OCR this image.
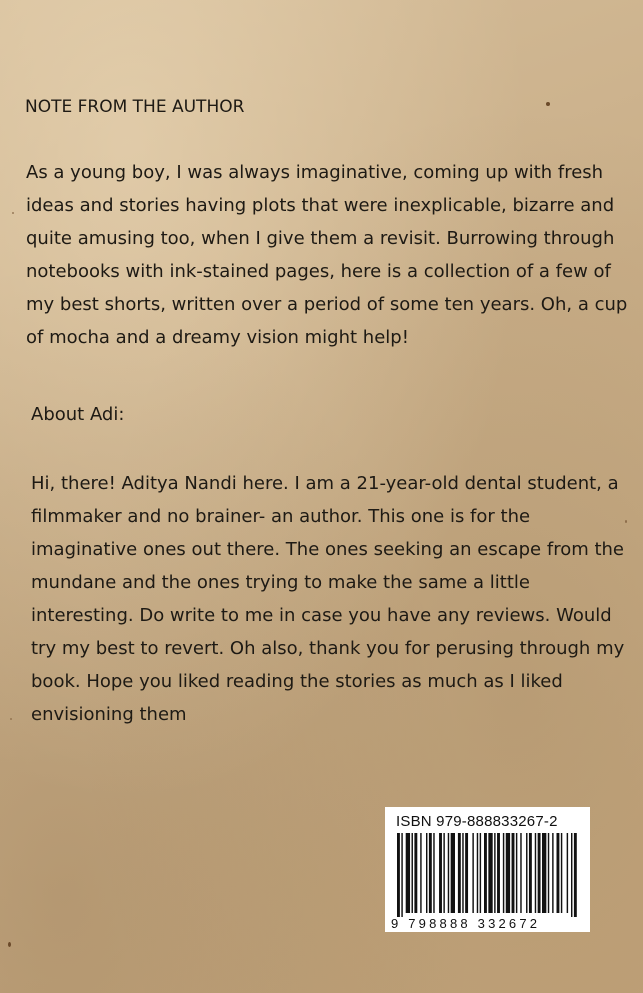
NOTE FROM THE AUTHOR

As a young boy, I was always imaginative, coming up with fresh
ideas and stories having plots that were inexplicable, bizarre and
quite amusing too, when I give them a revisit. Burrowing through
notebooks with ink-stained pages, here is a collection of a few of
my best shorts, written over a period of some ten years. Oh, a cup
of mocha and a dreamy vision might help!

About Adi:

Hi, there! Aditya Nandi here. I am a 21-year-old dental student, a
filmmaker and no brainer- an author. This one is for the
imaginative ones out there. The ones seeking an escape from the
mundane and the ones trying to make the same a little
interesting. Do write to me in case you have any reviews. Would
try my best to revert. Oh also, thank you for perusing through my
book. Hope you liked reading the stories as much as I liked
envisioning them

ISBN 979-888833267-2
9 798888 332672
